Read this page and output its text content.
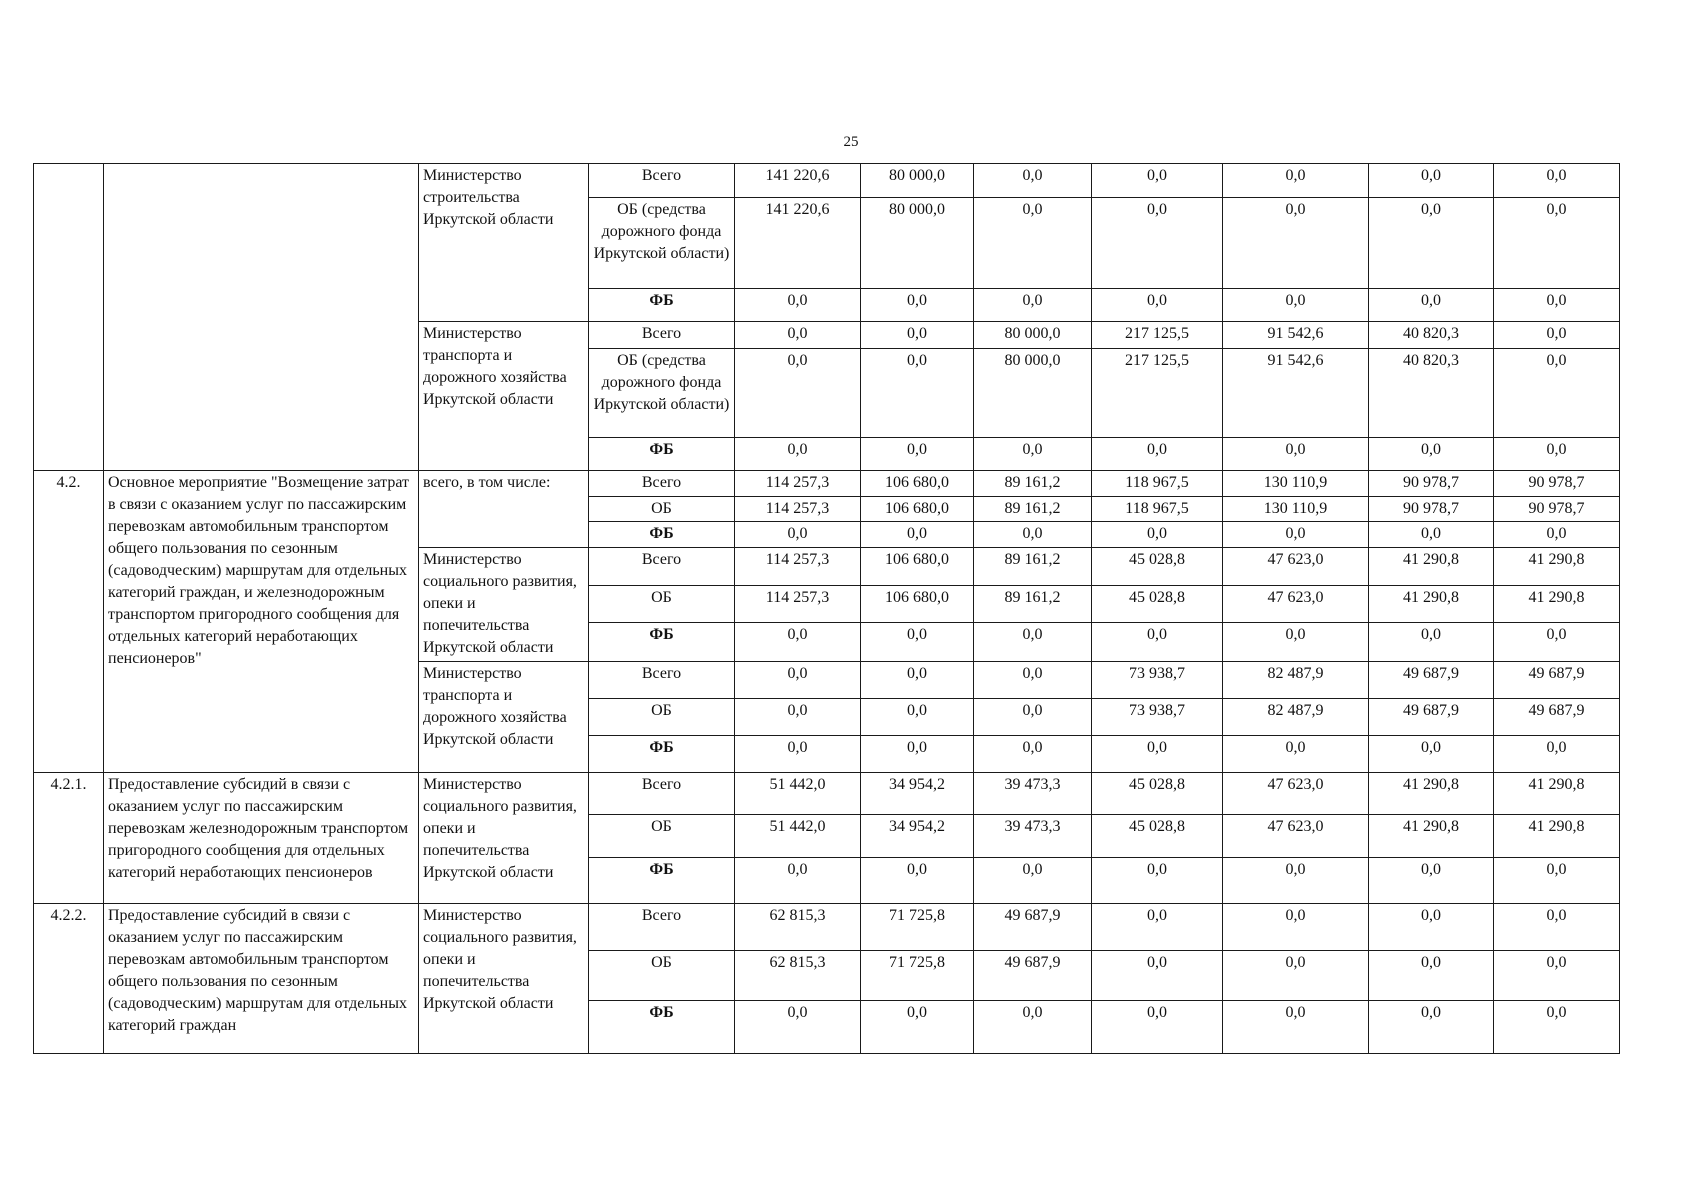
25
		Министерство строительства Иркутской области	Всего	141 220,6	80 000,0	0,0	0,0	0,0	0,0	0,0
			ОБ (средства дорожного фонда Иркутской области)	141 220,6	80 000,0	0,0	0,0	0,0	0,0	0,0
			ФБ	0,0	0,0	0,0	0,0	0,0	0,0	0,0
		Министерство транспорта и дорожного хозяйства Иркутской области	Всего	0,0	0,0	80 000,0	217 125,5	91 542,6	40 820,3	0,0
			ОБ (средства дорожного фонда Иркутской области)	0,0	0,0	80 000,0	217 125,5	91 542,6	40 820,3	0,0
			ФБ	0,0	0,0	0,0	0,0	0,0	0,0	0,0
4.2.	Основное мероприятие "Возмещение затрат в связи с оказанием услуг по пассажирским перевозкам автомобильным транспортом общего пользования по сезонным (садоводческим) маршрутам для отдельных категорий граждан, и железнодорожным транспортом пригородного сообщения для отдельных категорий неработающих пенсионеров"	всего, в том числе:	Всего	114 257,3	106 680,0	89 161,2	118 967,5	130 110,9	90 978,7	90 978,7
			ОБ	114 257,3	106 680,0	89 161,2	118 967,5	130 110,9	90 978,7	90 978,7
			ФБ	0,0	0,0	0,0	0,0	0,0	0,0	0,0
		Министерство социального развития, опеки и попечительства Иркутской области	Всего	114 257,3	106 680,0	89 161,2	45 028,8	47 623,0	41 290,8	41 290,8
			ОБ	114 257,3	106 680,0	89 161,2	45 028,8	47 623,0	41 290,8	41 290,8
			ФБ	0,0	0,0	0,0	0,0	0,0	0,0	0,0
		Министерство транспорта и дорожного хозяйства Иркутской области	Всего	0,0	0,0	0,0	73 938,7	82 487,9	49 687,9	49 687,9
			ОБ	0,0	0,0	0,0	73 938,7	82 487,9	49 687,9	49 687,9
			ФБ	0,0	0,0	0,0	0,0	0,0	0,0	0,0
4.2.1.	Предоставление субсидий в связи с оказанием услуг по пассажирским перевозкам железнодорожным транспортом пригородного сообщения для отдельных категорий неработающих пенсионеров	Министерство социального развития, опеки и попечительства Иркутской области	Всего	51 442,0	34 954,2	39 473,3	45 028,8	47 623,0	41 290,8	41 290,8
			ОБ	51 442,0	34 954,2	39 473,3	45 028,8	47 623,0	41 290,8	41 290,8
			ФБ	0,0	0,0	0,0	0,0	0,0	0,0	0,0
4.2.2.	Предоставление субсидий в связи с оказанием услуг по пассажирским перевозкам автомобильным транспортом общего пользования по сезонным (садоводческим) маршрутам для отдельных категорий граждан	Министерство социального развития, опеки и попечительства Иркутской области	Всего	62 815,3	71 725,8	49 687,9	0,0	0,0	0,0	0,0
			ОБ	62 815,3	71 725,8	49 687,9	0,0	0,0	0,0	0,0
			ФБ	0,0	0,0	0,0	0,0	0,0	0,0	0,0
